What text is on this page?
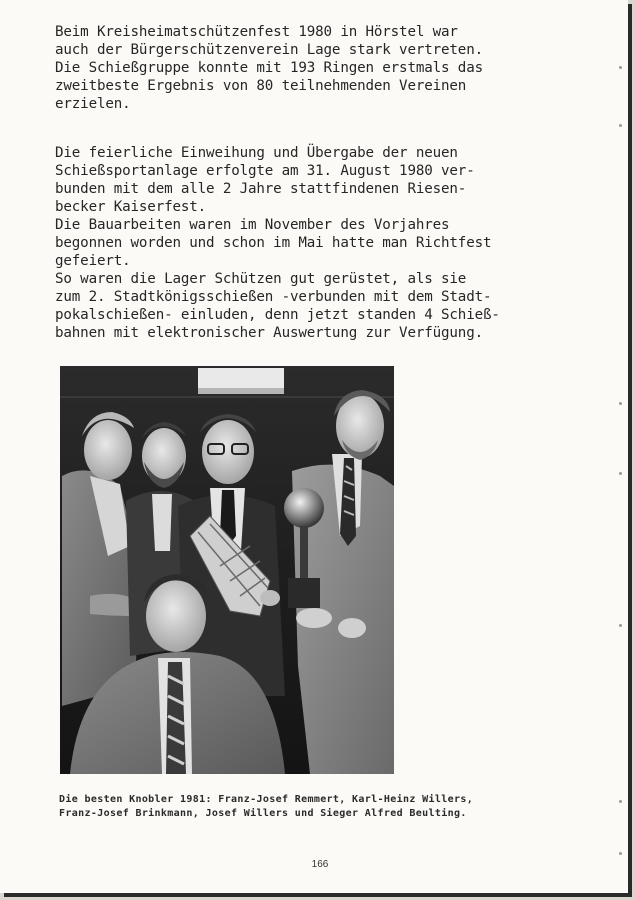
Beim Kreisheimatschützenfest 1980 in Hörstel war
auch der Bürgerschützenverein Lage stark vertreten.
Die Schießgruppe konnte mit 193 Ringen erstmals das
zweitbeste Ergebnis von 80 teilnehmenden Vereinen
erzielen.
Die feierliche Einweihung und Übergabe der neuen
Schießsportanlage erfolgte am 31. August 1980 ver-
bunden mit dem alle 2 Jahre stattfindenen Riesen-
becker Kaiserfest.
Die Bauarbeiten waren im November des Vorjahres
begonnen worden und schon im Mai hatte man Richtfest
gefeiert.
So waren die Lager Schützen gut gerüstet, als sie
zum 2. Stadtkönigsschießen -verbunden mit dem Stadt-
pokalschießen- einluden, denn jetzt standen 4 Schieß-
bahnen mit elektronischer Auswertung zur Verfügung.
Die besten Knobler 1981: Franz-Josef Remmert, Karl-Heinz Willers,
Franz-Josef Brinkmann, Josef Willers und Sieger Alfred Beulting.
166
